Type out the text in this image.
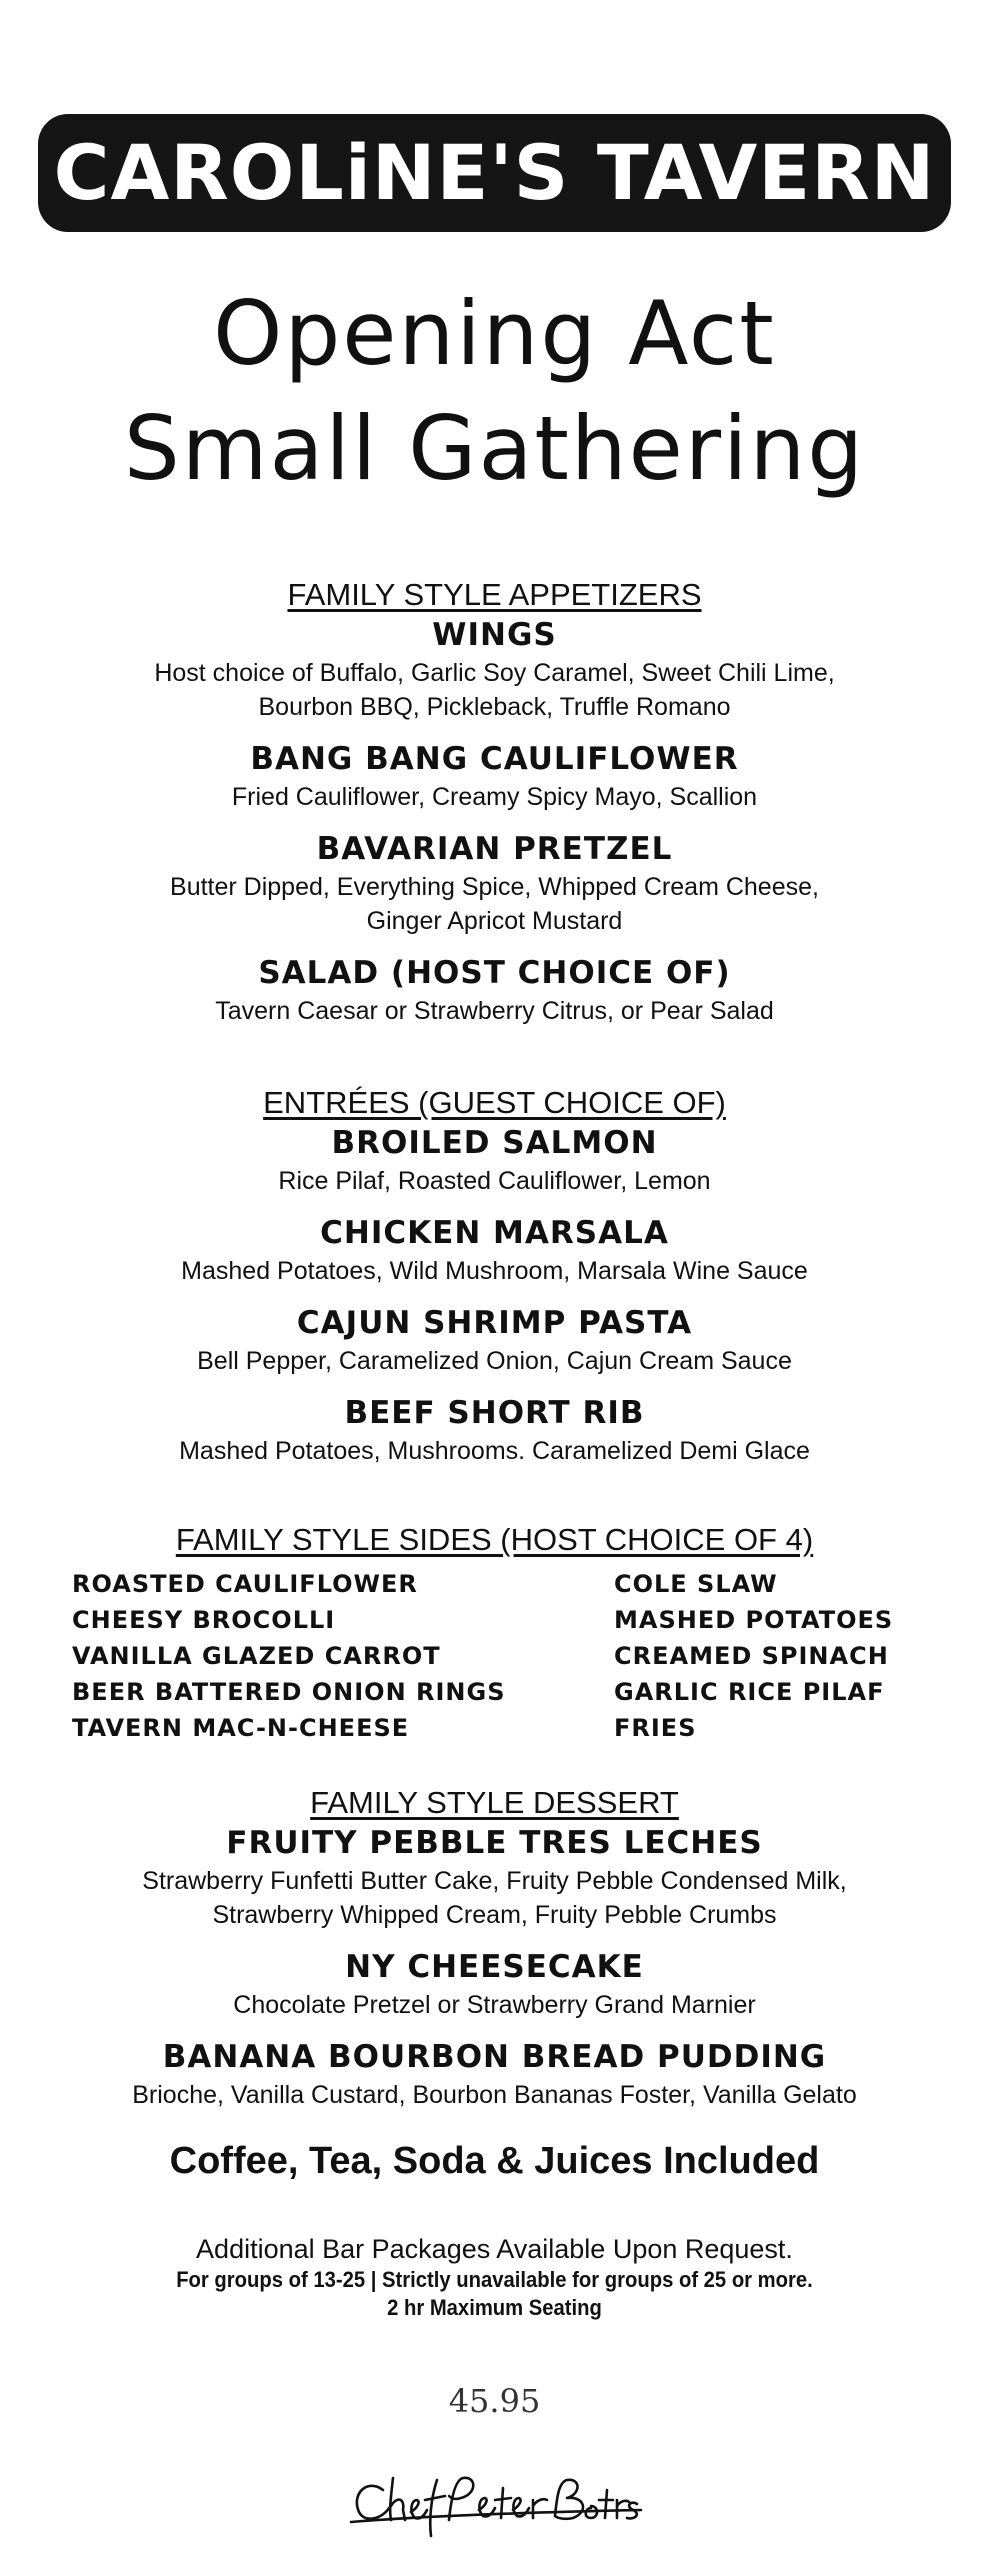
CAROLiNE'S TAVERN
Opening Act
Small Gathering
FAMILY STYLE APPETIZERS
WINGS
Host choice of Buffalo, Garlic Soy Caramel, Sweet Chili Lime,
Bourbon BBQ, Pickleback, Truffle Romano
BANG BANG CAULIFLOWER
Fried Cauliflower, Creamy Spicy Mayo, Scallion
BAVARIAN PRETZEL
Butter Dipped, Everything Spice, Whipped Cream Cheese,
Ginger Apricot Mustard
SALAD (HOST CHOICE OF)
Tavern Caesar or Strawberry Citrus, or Pear Salad
ENTRÉES (GUEST CHOICE OF)
BROILED SALMON
Rice Pilaf, Roasted Cauliflower, Lemon
CHICKEN MARSALA
Mashed Potatoes, Wild Mushroom, Marsala Wine Sauce
CAJUN SHRIMP PASTA
Bell Pepper, Caramelized Onion, Cajun Cream Sauce
BEEF SHORT RIB
Mashed Potatoes, Mushrooms. Caramelized Demi Glace
FAMILY STYLE SIDES (HOST CHOICE OF 4)
ROASTED CAULIFLOWER
CHEESY BROCOLLI
VANILLA GLAZED CARROT
BEER BATTERED ONION RINGS
TAVERN MAC-N-CHEESE
COLE SLAW
MASHED POTATOES
CREAMED SPINACH
GARLIC RICE PILAF
FRIES
FAMILY STYLE DESSERT
FRUITY PEBBLE TRES LECHES
Strawberry Funfetti Butter Cake, Fruity Pebble Condensed Milk,
Strawberry Whipped Cream, Fruity Pebble Crumbs
NY CHEESECAKE
Chocolate Pretzel or Strawberry Grand Marnier
BANANA BOURBON BREAD PUDDING
Brioche, Vanilla Custard, Bourbon Bananas Foster, Vanilla Gelato
Coffee, Tea, Soda & Juices Included
Additional Bar Packages Available Upon Request.
For groups of 13-25 | Strictly unavailable for groups of 25 or more.
2 hr Maximum Seating
45.95
